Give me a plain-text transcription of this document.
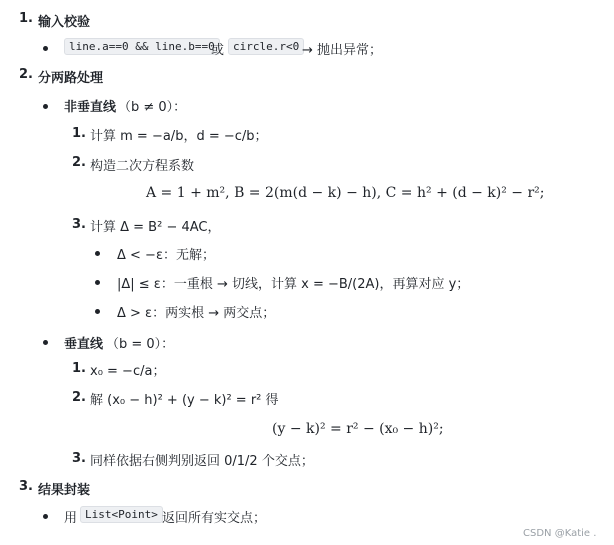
1. 输入校验
line.a==0 && line.b==0
或 circle.r<0 → 抛出异常；
2. 分两路处理
非垂直线 （b ≠ 0）：
1. 计算 m = −a/b，d = −c/b；
2. 构造二次方程系数
A = 1 + m², B = 2(m(d − k) − h), C = h² + (d − k)² − r²;
3. 计算 Δ = B² − 4AC，
Δ < −ε：无解；
|Δ| ≤ ε：一重根 → 切线，计算 x = −B/(2A)，再算对应 y；
Δ > ε：两实根 → 两交点；
垂直线 （b = 0）：
1. x₀ = −c/a；
2. 解 (x₀ − h)² + (y − k)² = r² 得
(y − k)² = r² − (x₀ − h)²;
3. 同样依据右侧判别返回 0/1/2 个交点；
3. 结果封装
用 List<Point> 返回所有实交点；
CSDN @Katie .
